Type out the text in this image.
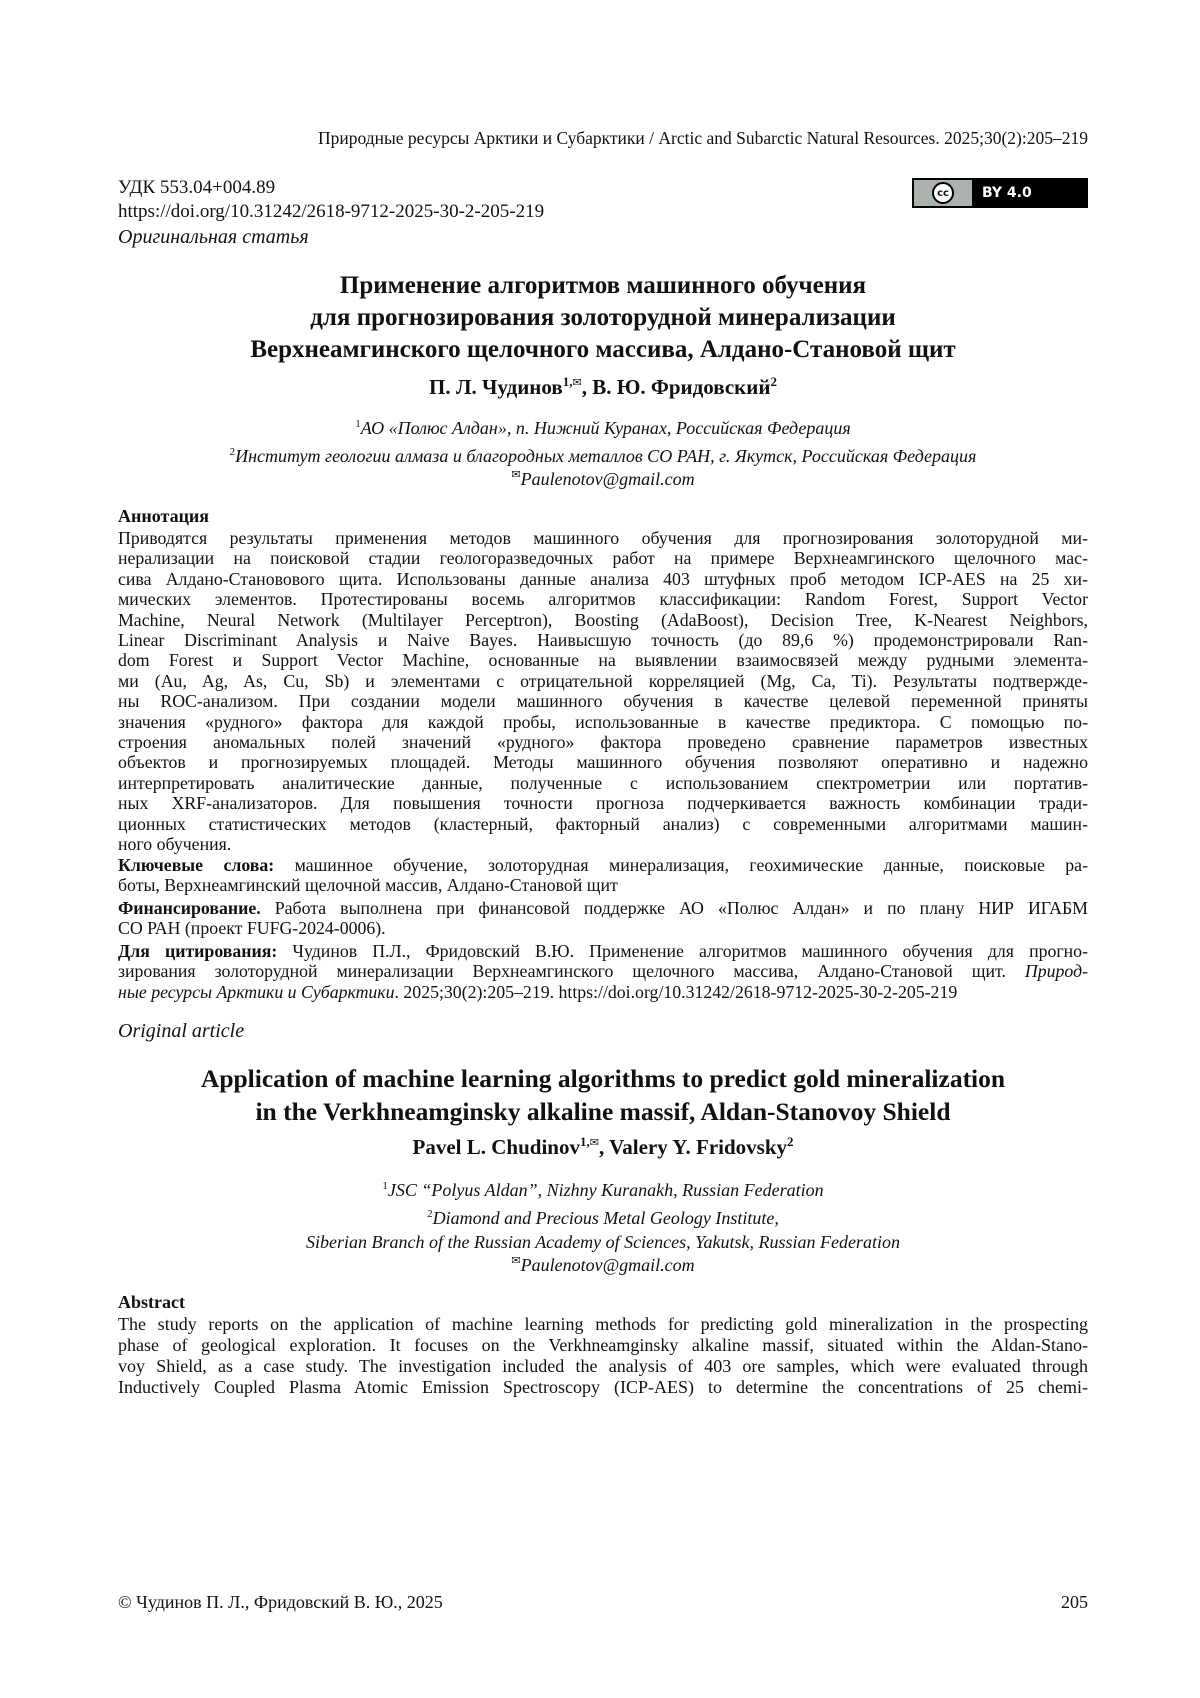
Природные ресурсы Арктики и Субарктики / Arctic and Subarctic Natural Resources. 2025;30(2):205–219
УДК 553.04+004.89
https://doi.org/10.31242/2618-9712-2025-30-2-205-219
cc	BY 4.0
Оригинальная статья
Применение алгоритмов машинного обучения
для прогнозирования золоторудной минерализации
Верхнеамгинского щелочного массива, Алдано-Становой щит
П. Л. Чудинов$^{1,✉}$, В. Ю. Фридовский$^2$
$^1$АО «Полюс Алдан», п. Нижний Куранах, Российская Федерация
$^2$Институт геологии алмаза и благородных металлов СО РАН, г. Якутск, Российская Федерация
✉Paulenotov@gmail.com
Аннотация
Приводятся результаты применения методов машинного обучения для прогнозирования золоторудной ми-
нерализации на поисковой стадии геологоразведочных работ на примере Верхнеамгинского щелочного мас-
сива Алдано-Становового щита. Использованы данные анализа 403 штуфных проб методом ICP-AES на 25 хи-
мических элементов. Протестированы восемь алгоритмов классификации: Random Forest, Support Vector
Machine, Neural Network (Multilayer Perceptron), Boosting (AdaBoost), Decision Tree, K-Nearest Neighbors,
Linear Discriminant Analysis и Naive Bayes. Наивысшую точность (до 89,6 %) продемонстрировали Ran-
dom Forest и Support Vector Machine, основанные на выявлении взаимосвязей между рудными элемента-
ми (Au, Ag, As, Cu, Sb) и элементами с отрицательной корреляцией (Mg, Ca, Ti). Результаты подтвержде-
ны ROC-анализом. При создании модели машинного обучения в качестве целевой переменной приняты
значения «рудного» фактора для каждой пробы, использованные в качестве предиктора. С помощью по-
строения аномальных полей значений «рудного» фактора проведено сравнение параметров известных
объектов и прогнозируемых площадей. Методы машинного обучения позволяют оперативно и надежно
интерпретировать аналитические данные, полученные с использованием спектрометрии или портатив-
ных XRF-анализаторов. Для повышения точности прогноза подчеркивается важность комбинации тради-
ционных статистических методов (кластерный, факторный анализ) с современными алгоритмами машин-
ного обучения.
Ключевые слова: машинное обучение, золоторудная минерализация, геохимические данные, поисковые ра-
боты, Верхнеамгинский щелочной массив, Алдано-Становой щит
Финансирование. Работа выполнена при финансовой поддержке АО «Полюс Алдан» и по плану НИР ИГАБМ
СО РАН (проект FUFG-2024-0006).
Для цитирования: Чудинов П.Л., Фридовский В.Ю. Применение алгоритмов машинного обучения для прогно-
зирования золоторудной минерализации Верхнеамгинского щелочного массива, Алдано-Становой щит. Природ-
ные ресурсы Арктики и Субарктики. 2025;30(2):205–219. https://doi.org/10.31242/2618-9712-2025-30-2-205-219
Original article
Application of machine learning algorithms to predict gold mineralization
in the Verkhneamginsky alkaline massif, Aldan-Stanovoy Shield
Pavel L. Chudinov$^{1,✉}$, Valery Y. Fridovsky$^2$
$^1$JSC “Polyus Aldan”, Nizhny Kuranakh, Russian Federation
$^2$Diamond and Precious Metal Geology Institute,
Siberian Branch of the Russian Academy of Sciences, Yakutsk, Russian Federation
✉Paulenotov@gmail.com
Abstract
The study reports on the application of machine learning methods for predicting gold mineralization in the prospecting
phase of geological exploration. It focuses on the Verkhneamginsky alkaline massif, situated within the Aldan-Stano-
voy Shield, as a case study. The investigation included the analysis of 403 ore samples, which were evaluated through
Inductively Coupled Plasma Atomic Emission Spectroscopy (ICP-AES) to determine the concentrations of 25 chemi-
© Чудинов П. Л., Фридовский В. Ю., 2025	205
